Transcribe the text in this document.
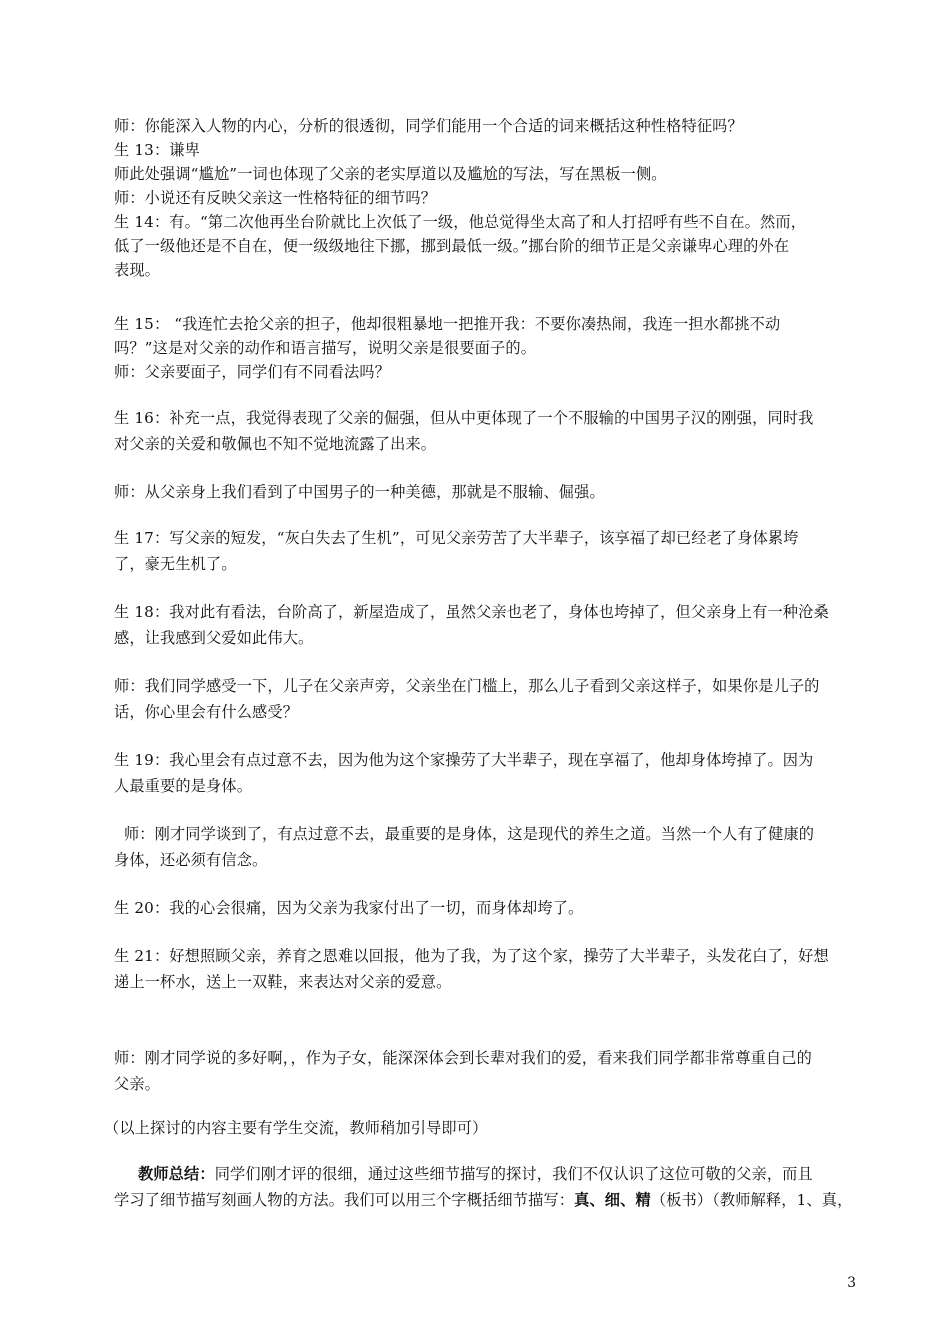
师：你能深入人物的内心，分析的很透彻，同学们能用一个合适的词来概括这种性格特征吗？
生 13：谦卑
师此处强调“尴尬”一词也体现了父亲的老实厚道以及尴尬的写法，写在黑板一侧。
师：小说还有反映父亲这一性格特征的细节吗？
生 14：有。“第二次他再坐台阶就比上次低了一级，他总觉得坐太高了和人打招呼有些不自在。然而，
低了一级他还是不自在，便一级级地往下挪，挪到最低一级。”挪台阶的细节正是父亲谦卑心理的外在
表现。
生 15： “我连忙去抢父亲的担子，他却很粗暴地一把推开我：不要你凑热闹，我连一担水都挑不动
吗？”这是对父亲的动作和语言描写，说明父亲是很要面子的。
师：父亲要面子，同学们有不同看法吗？
生 16：补充一点，我觉得表现了父亲的倔强，但从中更体现了一个不服输的中国男子汉的刚强，同时我
对父亲的关爱和敬佩也不知不觉地流露了出来。
师：从父亲身上我们看到了中国男子的一种美德，那就是不服输、倔强。
生 17：写父亲的短发，“灰白失去了生机”，可见父亲劳苦了大半辈子，该享福了却已经老了身体累垮
了，豪无生机了。
生 18：我对此有看法，台阶高了，新屋造成了，虽然父亲也老了，身体也垮掉了，但父亲身上有一种沧桑
感，让我感到父爱如此伟大。
师：我们同学感受一下，儿子在父亲声旁，父亲坐在门槛上，那么儿子看到父亲这样子，如果你是儿子的
话，你心里会有什么感受？
生 19：我心里会有点过意不去，因为他为这个家操劳了大半辈子，现在享福了，他却身体垮掉了。因为
人最重要的是身体。
师：刚才同学谈到了，有点过意不去，最重要的是身体，这是现代的养生之道。当然一个人有了健康的
身体，还必须有信念。
生 20：我的心会很痛，因为父亲为我家付出了一切，而身体却垮了。
生 21：好想照顾父亲，养育之恩难以回报，他为了我，为了这个家，操劳了大半辈子，头发花白了，好想
递上一杯水，送上一双鞋，来表达对父亲的爱意。
师：刚才同学说的多好啊，，作为子女，能深深体会到长辈对我们的爱，看来我们同学都非常尊重自己的
父亲。
（以上探讨的内容主要有学生交流，教师稍加引导即可）
教师总结：同学们刚才评的很细，通过这些细节描写的探讨，我们不仅认识了这位可敬的父亲，而且
学习了细节描写刻画人物的方法。我们可以用三个字概括细节描写：真、细、精（板书）（教师解释，1、真，
3
